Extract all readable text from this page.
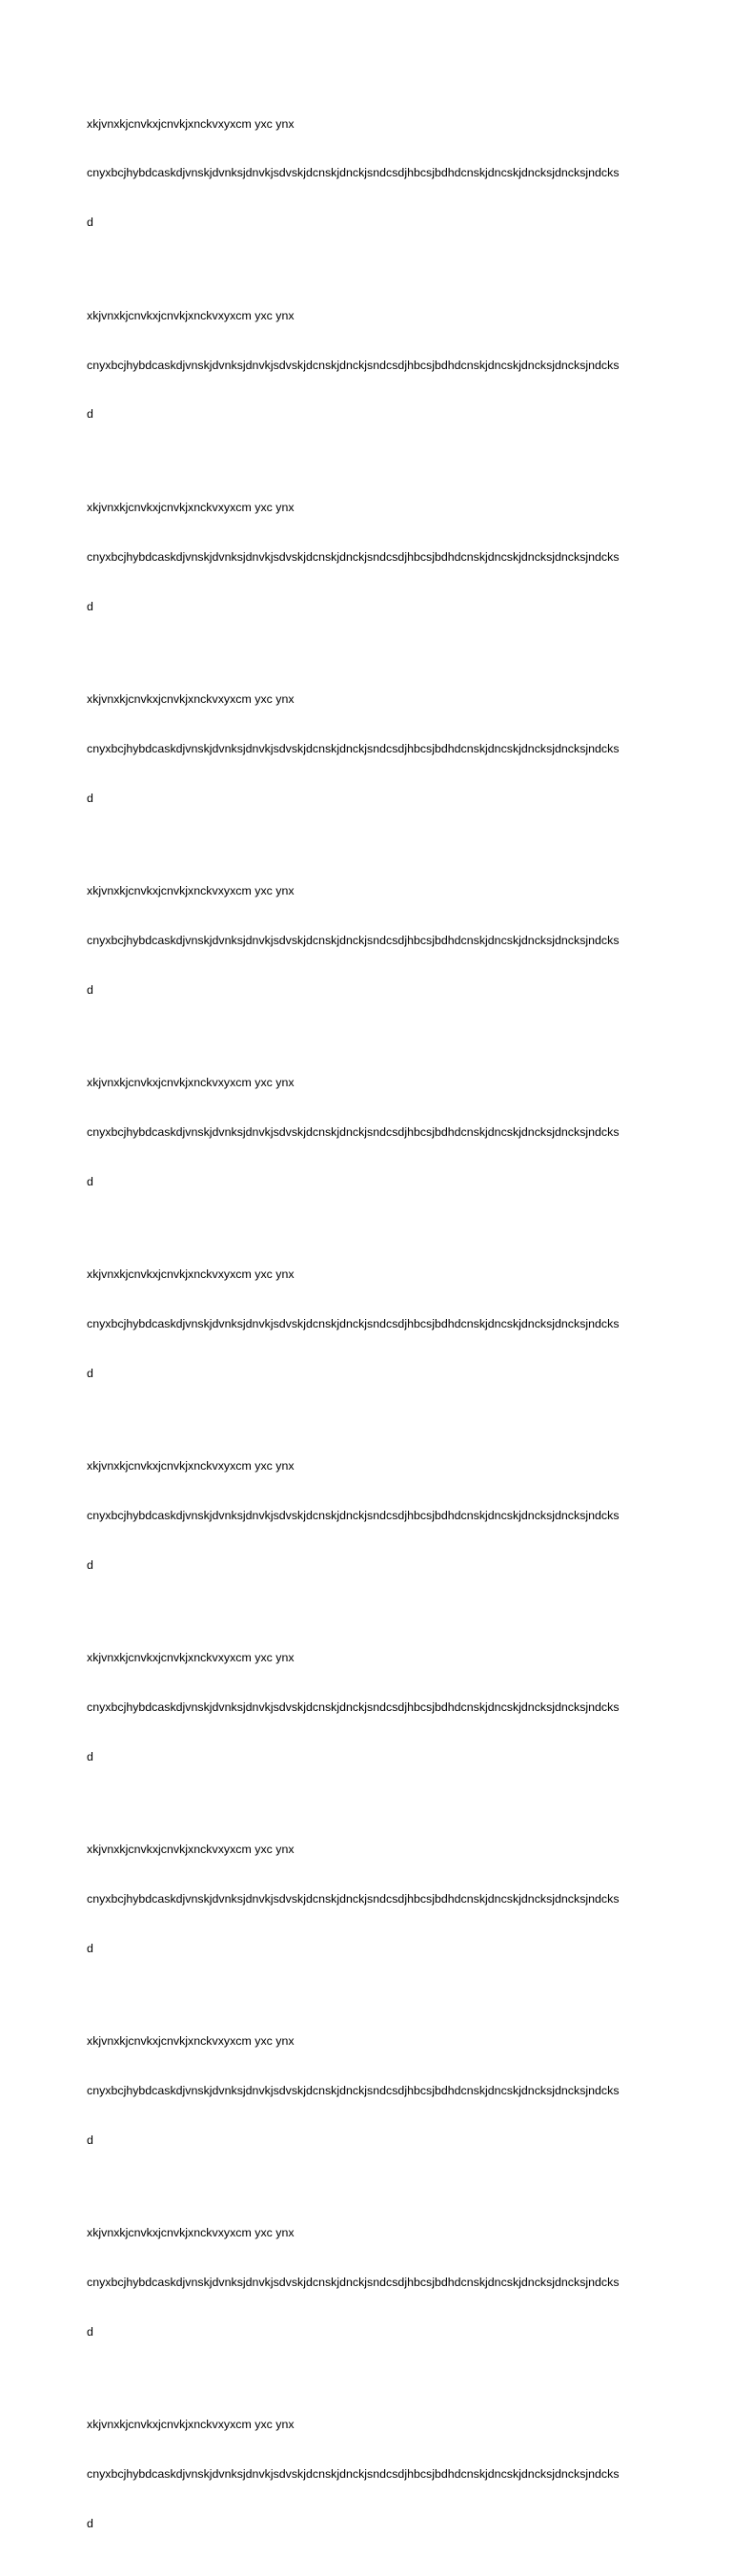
xkjvnxkjcnvkxjcnvkjxnckvxyxcm yxc ynx

cnyxbcjhybdcaskdjvnskjdvnksjdnvkjsdvskjdcnskjdnckjsndcsdjhbcsjbdhdcnskjdncskjdncksjdncksjndcks

d

xkjvnxkjcnvkxjcnvkjxnckvxyxcm yxc ynx

cnyxbcjhybdcaskdjvnskjdvnksjdnvkjsdvskjdcnskjdnckjsndcsdjhbcsjbdhdcnskjdncskjdncksjdncksjndcks

d

xkjvnxkjcnvkxjcnvkjxnckvxyxcm yxc ynx

cnyxbcjhybdcaskdjvnskjdvnksjdnvkjsdvskjdcnskjdnckjsndcsdjhbcsjbdhdcnskjdncskjdncksjdncksjndcks

d

xkjvnxkjcnvkxjcnvkjxnckvxyxcm yxc ynx

cnyxbcjhybdcaskdjvnskjdvnksjdnvkjsdvskjdcnskjdnckjsndcsdjhbcsjbdhdcnskjdncskjdncksjdncksjndcks

d

xkjvnxkjcnvkxjcnvkjxnckvxyxcm yxc ynx

cnyxbcjhybdcaskdjvnskjdvnksjdnvkjsdvskjdcnskjdnckjsndcsdjhbcsjbdhdcnskjdncskjdncksjdncksjndcks

d

xkjvnxkjcnvkxjcnvkjxnckvxyxcm yxc ynx

cnyxbcjhybdcaskdjvnskjdvnksjdnvkjsdvskjdcnskjdnckjsndcsdjhbcsjbdhdcnskjdncskjdncksjdncksjndcks

d

xkjvnxkjcnvkxjcnvkjxnckvxyxcm yxc ynx

cnyxbcjhybdcaskdjvnskjdvnksjdnvkjsdvskjdcnskjdnckjsndcsdjhbcsjbdhdcnskjdncskjdncksjdncksjndcks

d

xkjvnxkjcnvkxjcnvkjxnckvxyxcm yxc ynx

cnyxbcjhybdcaskdjvnskjdvnksjdnvkjsdvskjdcnskjdnckjsndcsdjhbcsjbdhdcnskjdncskjdncksjdncksjndcks

d

xkjvnxkjcnvkxjcnvkjxnckvxyxcm yxc ynx

cnyxbcjhybdcaskdjvnskjdvnksjdnvkjsdvskjdcnskjdnckjsndcsdjhbcsjbdhdcnskjdncskjdncksjdncksjndcks

d

xkjvnxkjcnvkxjcnvkjxnckvxyxcm yxc ynx

cnyxbcjhybdcaskdjvnskjdvnksjdnvkjsdvskjdcnskjdnckjsndcsdjhbcsjbdhdcnskjdncskjdncksjdncksjndcks

d

xkjvnxkjcnvkxjcnvkjxnckvxyxcm yxc ynx

cnyxbcjhybdcaskdjvnskjdvnksjdnvkjsdvskjdcnskjdnckjsndcsdjhbcsjbdhdcnskjdncskjdncksjdncksjndcks

d

xkjvnxkjcnvkxjcnvkjxnckvxyxcm yxc ynx

cnyxbcjhybdcaskdjvnskjdvnksjdnvkjsdvskjdcnskjdnckjsndcsdjhbcsjbdhdcnskjdncskjdncksjdncksjndcks

d

xkjvnxkjcnvkxjcnvkjxnckvxyxcm yxc ynx

cnyxbcjhybdcaskdjvnskjdvnksjdnvkjsdvskjdcnskjdnckjsndcsdjhbcsjbdhdcnskjdncskjdncksjdncksjndcks

d
